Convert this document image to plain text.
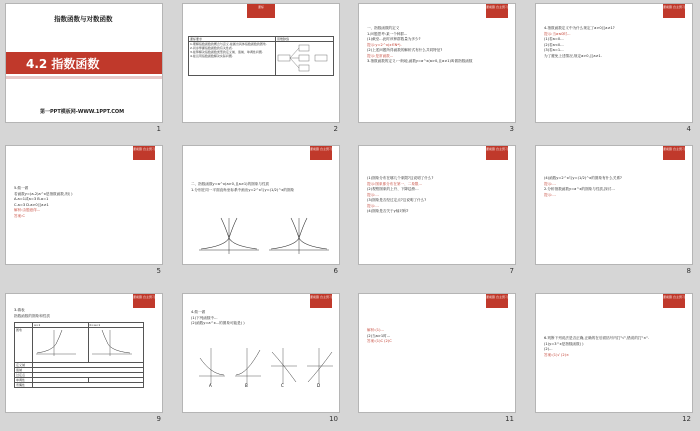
指数函数与对数函数
4.2 指数函数
第一PPT模板网-WWW.1PPT.COM
1
课标
课标要求	思维脉络
1.理解指数函数的概念与意义,能画出具体指数函数的图象.
2.初步掌握指数函数的有关性质.
3.能够解决指数函数类型的定义域、值域、单调性问题.
4.能运用指数函数解决实际问题.	
2
课前篇 自主预习
一、指数函数的定义
1.问题思考:某一个种群...
(1)截至...此时该种群数量为多少?
提示:y=2^x(x∈N*).
(2)上述问题所得函数的解析式有什么共同特征?
提示:是常函数...
3.指数函数的定义:一般地,函数y=a^x(a>0,且a≠1)叫做指数函数
3
课前篇 自主预习
4.指数函数定义中为什么规定了a>0且a≠1?
提示:当a≤0时...
(1)若a=0...
(2)若a<0...
(3)若a=1...
为了避免上述情况,规定a>0,且a≠1.
4
课前篇 自主预习
5.做一做
若函数y=(a-2)a^x是指数函数,则( )
A.a=1或a=3 B.a=1
C.a=3 D.a>0且a≠1
解析:由题意得...
答案:C
5
课前篇 自主预习
二、指数函数y=a^x(a>0,且a≠1)的图象与性质
1.分别在同一平面直角坐标系中画出y=2^x与y=(1/2)^x的图象
6
课前篇 自主预习
(1)图象分布在哪几个象限?这说明了什么?
提示:图象都分布在第一、二象限...
(2)观察图象的上升、下降趋势...
提示:...
(3)图象是否经过定点?这说明了什么?
提示:...
(4)图象是否关于y轴对称?
7
课前篇 自主预习
(4)函数y=2^x与y=(1/2)^x的图象有什么关系?
提示:...
2.分析指数函数y=a^x的图象与性质,探讨...
提示:...
8
课前篇 自主预习
3.填表
指数函数的图象和性质
	a>1	0<a<1
图象		
定义域		
值域		
过定点		
单调性		
奇偶性		
9
课前篇 自主预习
4.做一做
(1)下列函数中...
(2)函数y=a^x...的图象可能是( )
A	B	C	D
10
课前篇 自主预习
解析:(1)...
(2)当a>1时...
答案:(1)C (2)C
11
课前篇 自主预习
6.判断下列说法是否正确,正确的在后面括号内打"√",错误的打"×".
(1)y=3^x是指数函数( )
(2)...
答案:(1)√ (2)×
12
